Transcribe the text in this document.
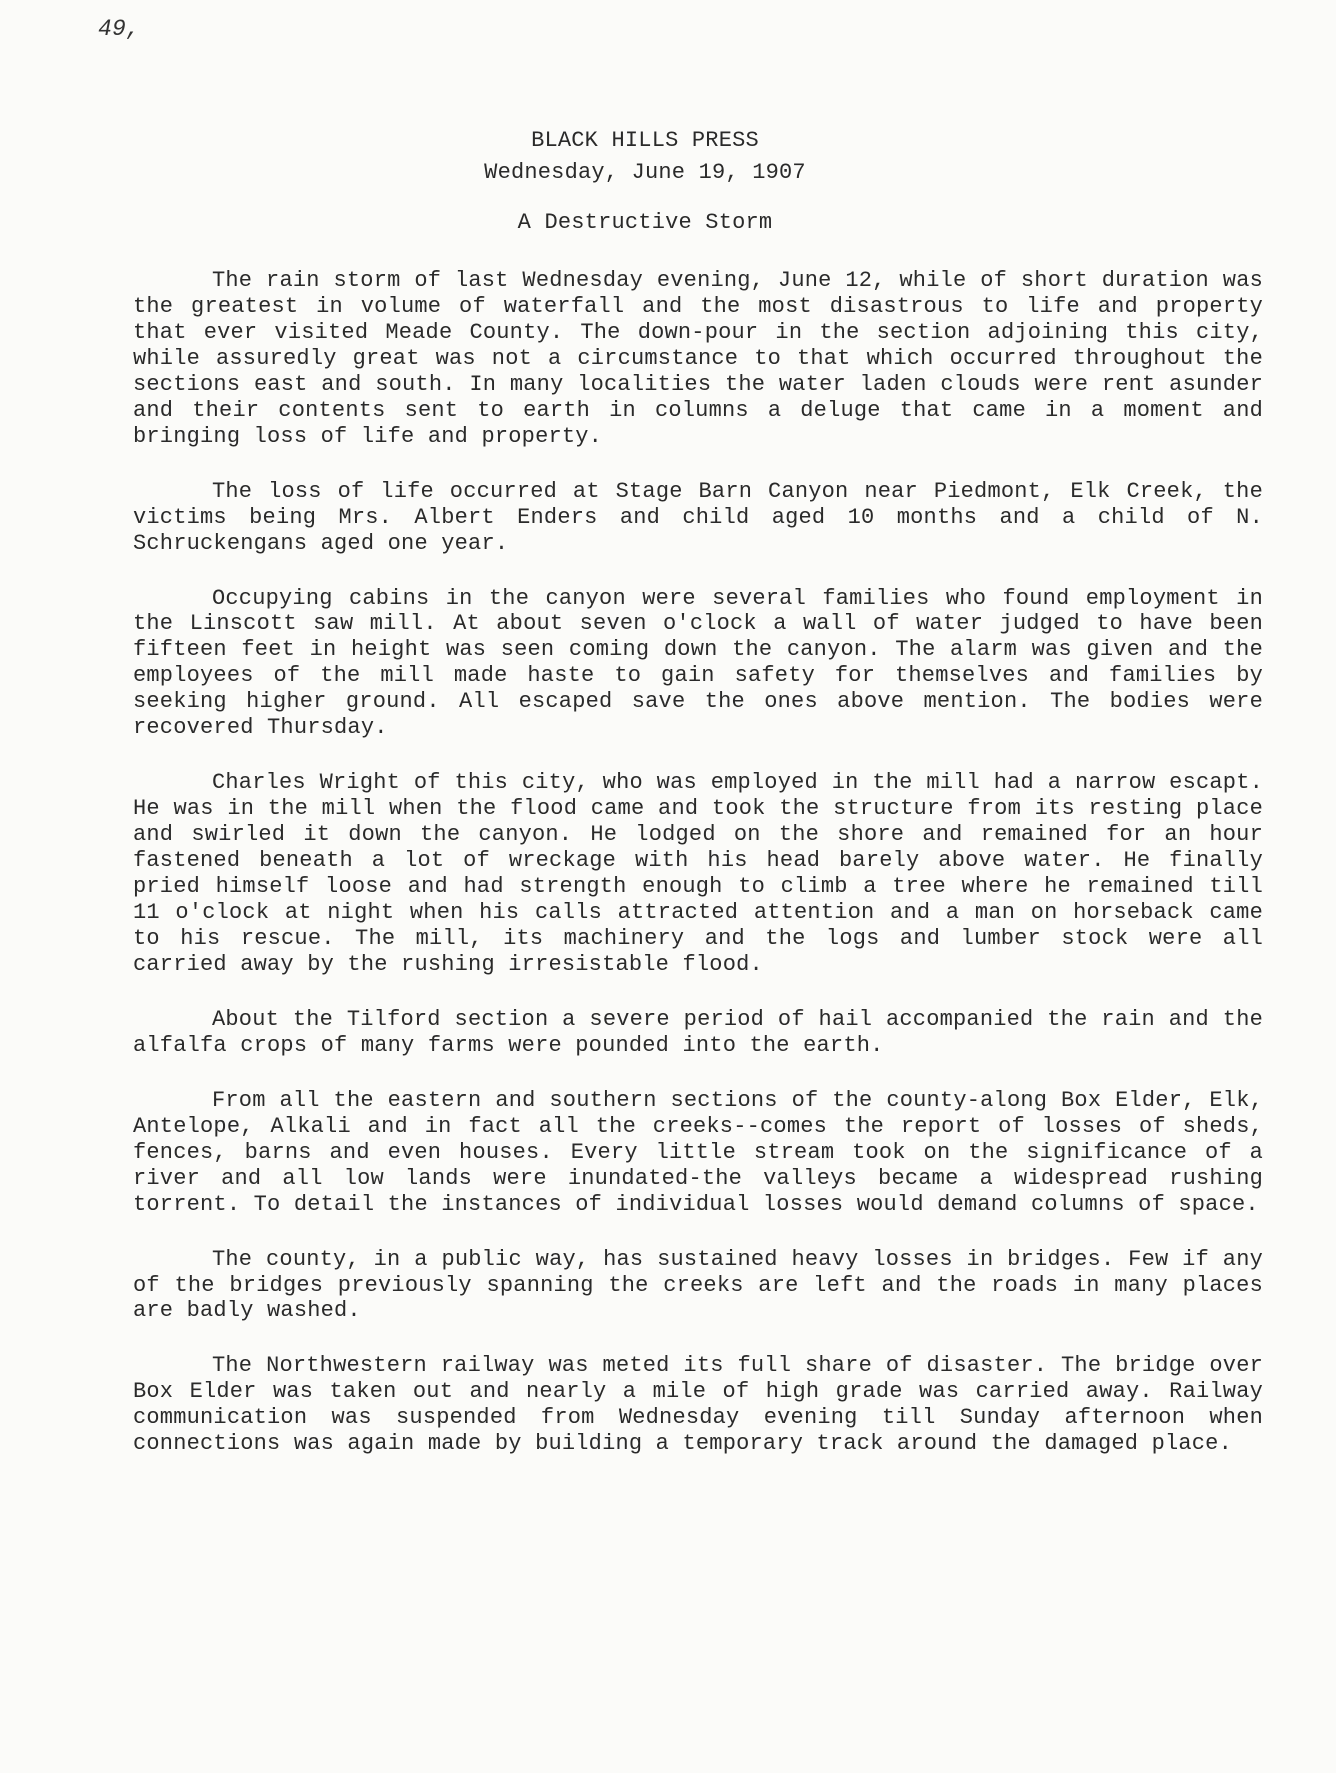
49,
BLACK HILLS PRESS
Wednesday, June 19, 1907
A Destructive Storm

The rain storm of last Wednesday evening, June 12, while of short duration was the greatest in volume of waterfall and the most disastrous to life and property that ever visited Meade County. The down-pour in the section adjoining this city, while assuredly great was not a circumstance to that which occurred throughout the sections east and south. In many localities the water laden clouds were rent asunder and their contents sent to earth in columns a deluge that came in a moment and bringing loss of life and property.

The loss of life occurred at Stage Barn Canyon near Piedmont, Elk Creek, the victims being Mrs. Albert Enders and child aged 10 months and a child of N. Schruckengans aged one year.

Occupying cabins in the canyon were several families who found employment in the Linscott saw mill. At about seven o'clock a wall of water judged to have been fifteen feet in height was seen coming down the canyon. The alarm was given and the employees of the mill made haste to gain safety for themselves and families by seeking higher ground. All escaped save the ones above mention. The bodies were recovered Thursday.

Charles Wright of this city, who was employed in the mill had a narrow escapt. He was in the mill when the flood came and took the structure from its resting place and swirled it down the canyon. He lodged on the shore and remained for an hour fastened beneath a lot of wreckage with his head barely above water. He finally pried himself loose and had strength enough to climb a tree where he remained till 11 o'clock at night when his calls attracted attention and a man on horseback came to his rescue. The mill, its machinery and the logs and lumber stock were all carried away by the rushing irresistable flood.

About the Tilford section a severe period of hail accompanied the rain and the alfalfa crops of many farms were pounded into the earth.

From all the eastern and southern sections of the county-along Box Elder, Elk, Antelope, Alkali and in fact all the creeks--comes the report of losses of sheds, fences, barns and even houses. Every little stream took on the significance of a river and all low lands were inundated-the valleys became a widespread rushing torrent. To detail the instances of individual losses would demand columns of space.

The county, in a public way, has sustained heavy losses in bridges. Few if any of the bridges previously spanning the creeks are left and the roads in many places are badly washed.

The Northwestern railway was meted its full share of disaster. The bridge over Box Elder was taken out and nearly a mile of high grade was carried away. Railway communication was suspended from Wednesday evening till Sunday afternoon when connections was again made by building a temporary track around the damaged place.
